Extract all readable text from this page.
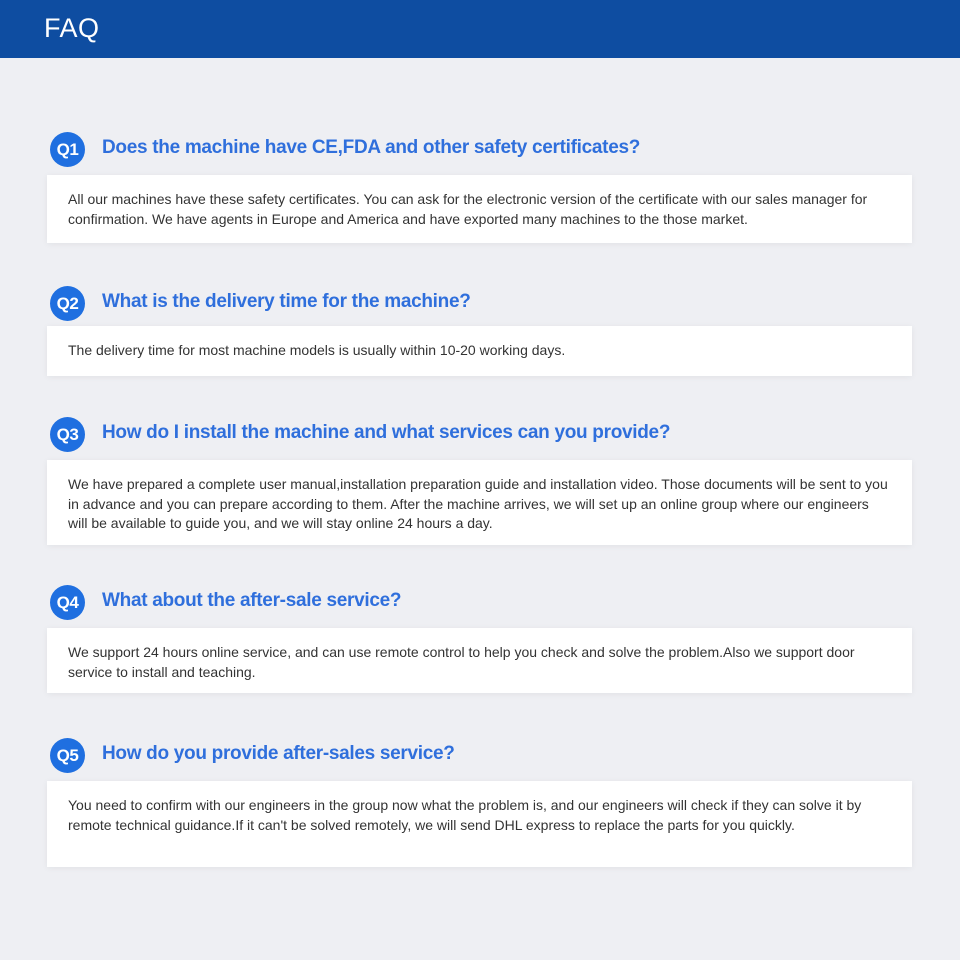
FAQ
Q1	Does the machine have CE,FDA and other safety certificates?
All our machines have these safety certificates. You can ask for the electronic version of the certificate with our sales manager for confirmation. We have agents in Europe and America and have exported many machines to the those market.
Q2	What is the delivery time for the machine?
The delivery time for most machine models is usually within 10-20 working days.
Q3	How do I install the machine and what services can you provide?
We have prepared a complete user manual,installation preparation guide and installation video. Those documents will be sent to you in advance and you can prepare according to them. After the machine arrives, we will set up an online group where our engineers will be available to guide you, and we will stay online 24 hours a day.
Q4	What about the after-sale service?
We support 24 hours online service, and can use remote control to help you check and solve the problem.Also we support door service to install and teaching.
Q5	How do you provide after-sales service?
You need to confirm with our engineers in the group now what the problem is, and our engineers will check if they can solve it by remote technical guidance.If it can't be solved remotely, we will send DHL express to replace the parts for you quickly.
